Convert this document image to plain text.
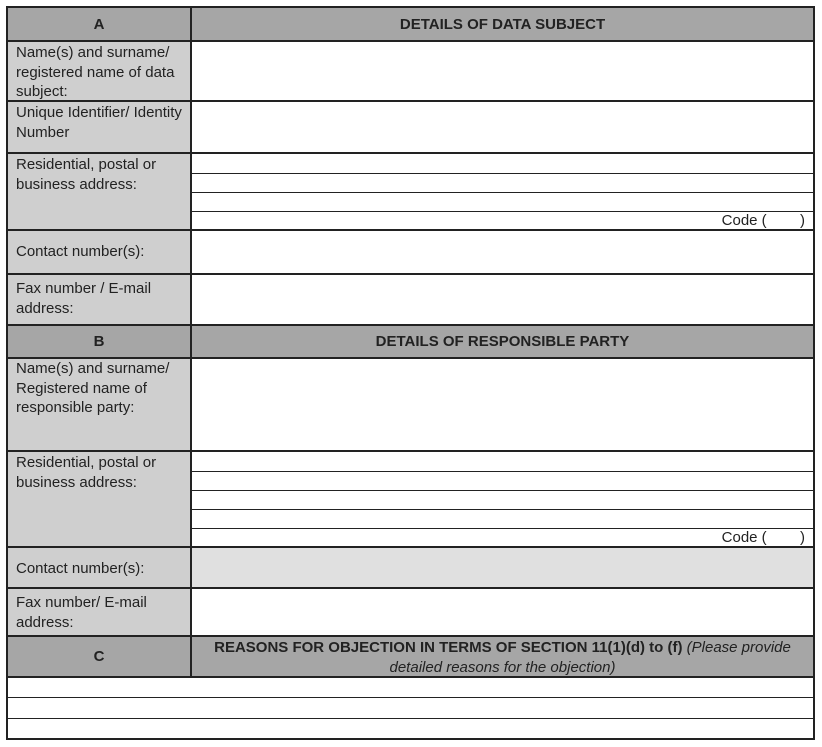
A	DETAILS OF DATA SUBJECT
Name(s) and surname/ registered name of data subject:
Unique Identifier/ Identity Number
Residential, postal or business address:
Code (        )
Contact number(s):
Fax number / E-mail address:
B	DETAILS OF RESPONSIBLE PARTY
Name(s) and surname/ Registered name of responsible party:
Residential, postal or business address:
Code (        )
Contact number(s):
Fax number/ E-mail address:
C
REASONS FOR OBJECTION IN TERMS OF SECTION 11(1)(d) to (f) (Please provide detailed reasons for the objection)
